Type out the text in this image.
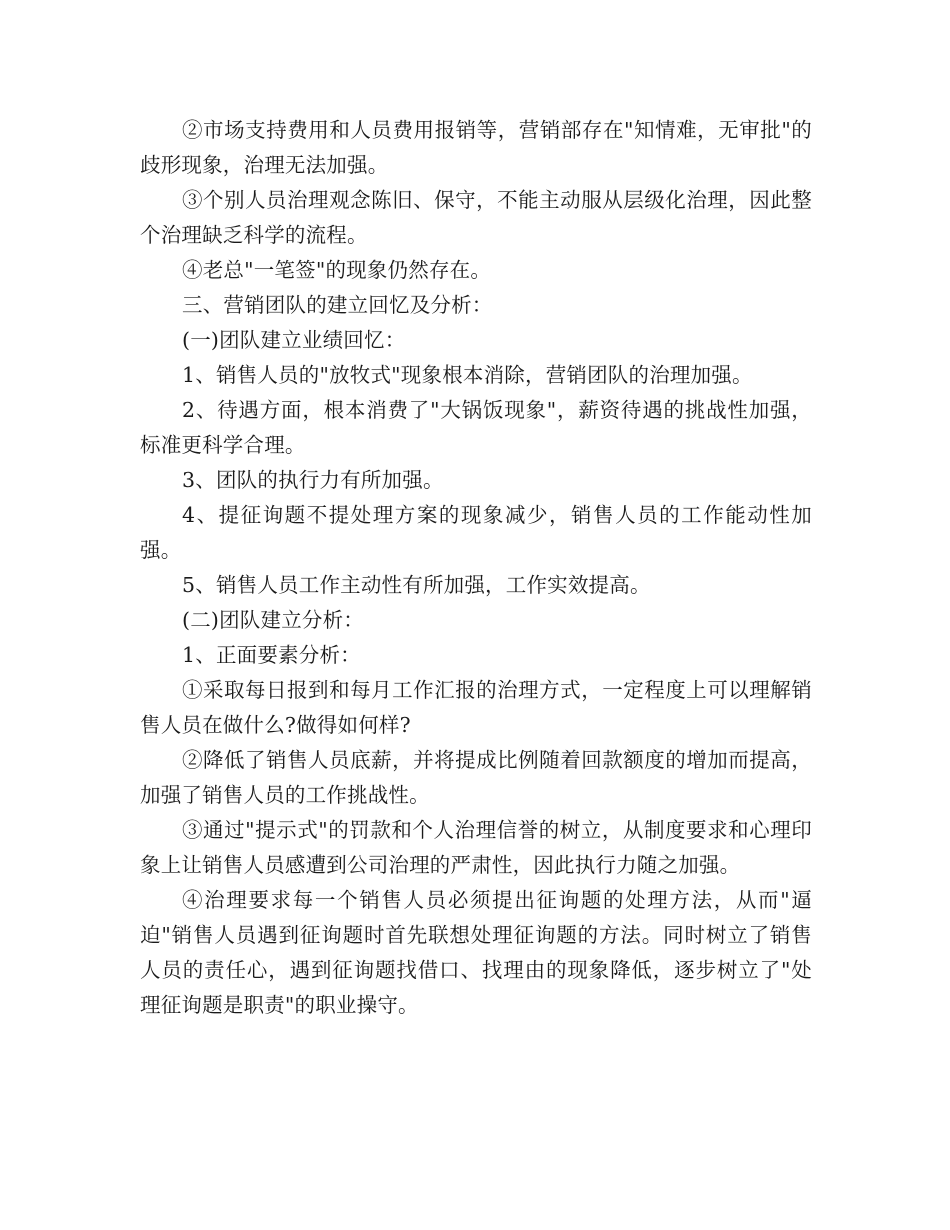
②市场支持费用和人员费用报销等，营销部存在"知情难，无审批"的歧形现象，治理无法加强。

③个别人员治理观念陈旧、保守，不能主动服从层级化治理，因此整个治理缺乏科学的流程。

④老总"一笔签"的现象仍然存在。

三、营销团队的建立回忆及分析：

(一)团队建立业绩回忆：

1、销售人员的"放牧式"现象根本消除，营销团队的治理加强。

2、待遇方面，根本消费了"大锅饭现象"，薪资待遇的挑战性加强，标准更科学合理。

3、团队的执行力有所加强。

4、提征询题不提处理方案的现象减少，销售人员的工作能动性加强。

5、销售人员工作主动性有所加强，工作实效提高。

(二)团队建立分析：

1、正面要素分析：

①采取每日报到和每月工作汇报的治理方式，一定程度上可以理解销售人员在做什么?做得如何样?

②降低了销售人员底薪，并将提成比例随着回款额度的增加而提高，加强了销售人员的工作挑战性。

③通过"提示式"的罚款和个人治理信誉的树立，从制度要求和心理印象上让销售人员感遭到公司治理的严肃性，因此执行力随之加强。

④治理要求每一个销售人员必须提出征询题的处理方法，从而"逼迫"销售人员遇到征询题时首先联想处理征询题的方法。同时树立了销售人员的责任心，遇到征询题找借口、找理由的现象降低，逐步树立了"处理征询题是职责"的职业操守。
